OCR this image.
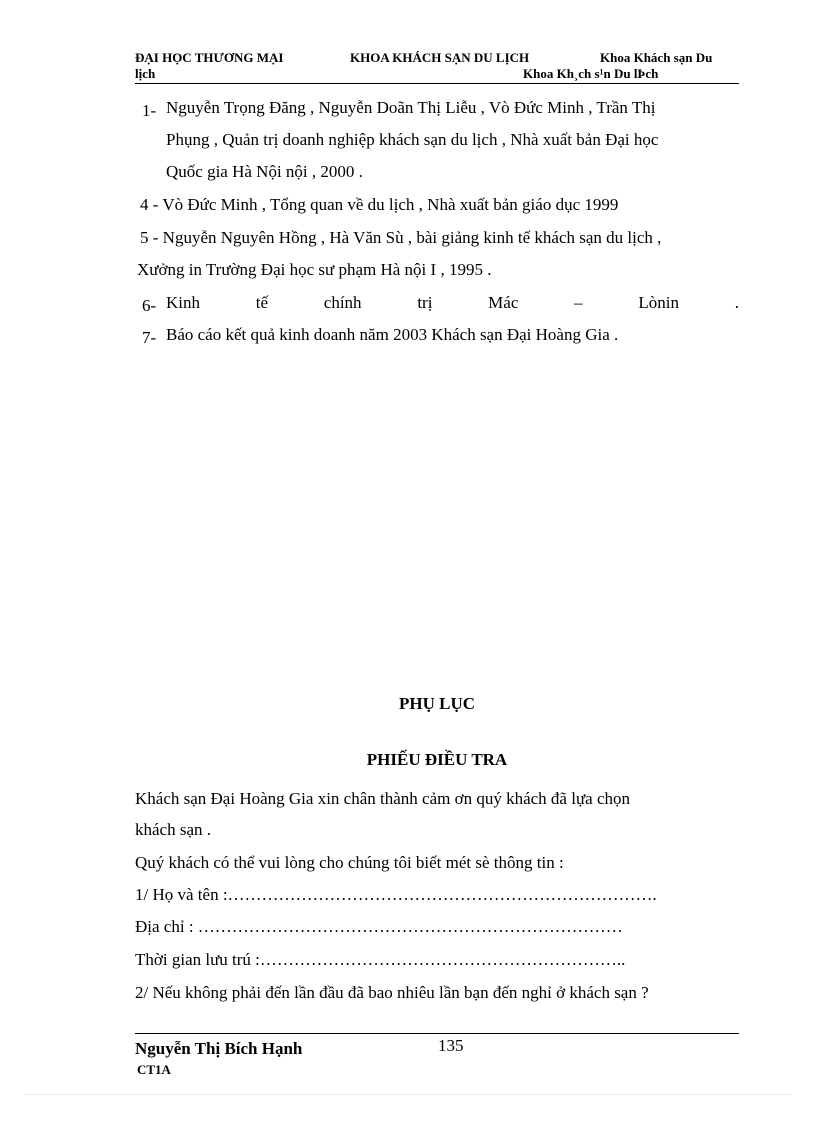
ĐẠI HỌC THƯƠNG MẠI	KHOA KHÁCH SẠN DU LỊCH	Khoa Khách sạn Du
lịch	Khoa Kh¸ch s¹n Du lÞch
1- Nguyễn Trọng Đăng , Nguyễn Doãn Thị Liễu , Vò Đức Minh , Trần Thị
Phụng , Quản trị doanh nghiệp khách sạn du lịch , Nhà xuất bản Đại học
Quốc gia Hà Nội nội , 2000 .
4 - Vò Đức Minh , Tổng quan về du lịch , Nhà xuất bản giáo dục 1999
5 - Nguyễn Nguyên Hồng , Hà Văn Sù , bài giảng kinh tế khách sạn du lịch ,
Xưởng in Trường Đại học sư phạm Hà nội I , 1995 .
6- Kinh	tế	chính	trị	Mác	–	Lònin	.
7- Báo cáo kết quả kinh doanh năm 2003 Khách sạn Đại Hoàng Gia .
PHỤ LỤC
PHIẾU ĐIỀU TRA
Khách sạn Đại Hoàng Gia xin chân thành cảm ơn quý khách đã lựa chọn
khách sạn .
Quý khách có thể vui lòng cho chúng tôi biết mét sè thông tin :
1/ Họ và tên :………………………………………………………………….
Địa chỉ : …………………………………………………………………
Thời gian lưu trú :………………………………………………………..
2/ Nếu không phải đến lần đầu đã bao nhiêu lần bạn đến nghỉ ở khách sạn ?
Nguyễn Thị Bích Hạnh	135
CT1A
